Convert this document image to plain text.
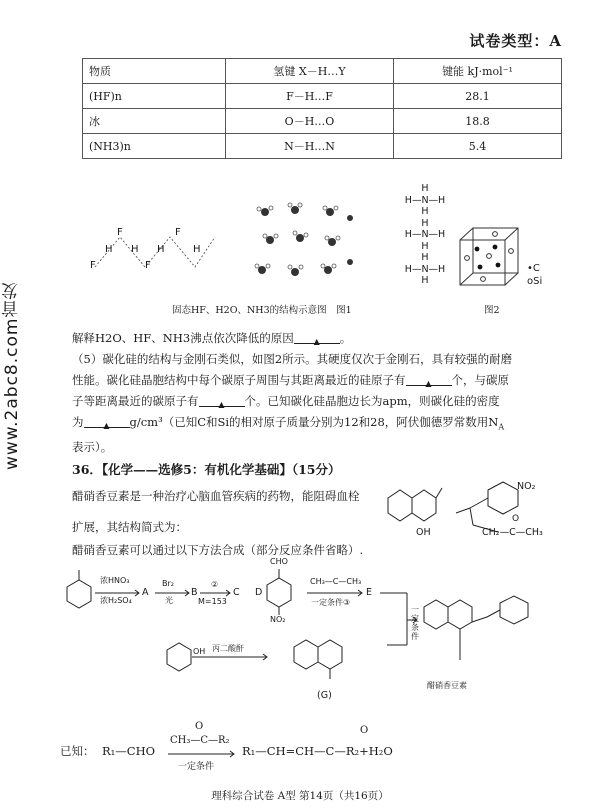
试卷类型：A
www.2abc8.com首发
物质	氢键 X－H…Y	键能 kJ·mol⁻¹
(HF)n	F－H…F	28.1
冰	O－H…O	18.8
(NH3)n	N－H…N	5.4
F
H
F
H
F
H
F
H
H
H—N—H
H
H
H—N—H
H
H
H—N—H
H
•C
oSi
固态HF、H2O、NH3的结构示意图　图1	图2
解释H2O、HF、NH3沸点依次降低的原因 ▲ 。
（5）碳化硅的结构与金刚石类似，如图2所示。其硬度仅次于金刚石，具有较强的耐磨
性能。碳化硅晶胞结构中每个碳原子周围与其距离最近的硅原子有 ▲ 个，与碳原
子等距离最近的碳原子有 ▲ 个。已知碳化硅晶胞边长为apm，则碳化硅的密度
为 ▲ g/cm³（已知C和Si的相对原子质量分别为12和28，阿伏伽德罗常数用$N_A$
表示）。
36．【化学——选修5：有机化学基础】（15分）
醋硝香豆素是一种治疗心脑血管疾病的药物，能阻碍血栓
扩展，其结构简式为：
醋硝香豆素可以通过以下方法合成（部分反应条件省略）.
NO₂
OH	CH₂—C—CH₃
O
浓HNO₃
浓H₂SO₄
A
Br₂
光
B
②
M=153
C D
CHO
NO₂
CH₃—C—CH₃
一定条件③
E
一定条件
OH 丙二酸酐
(G)
醋硝香豆素
已知： R₁—CHO
O
CH₃—C—R₂
一定条件
O
R₁—CH=CH—C—R₂+H₂O
理科综合试卷 A型 第14页（共16页）
